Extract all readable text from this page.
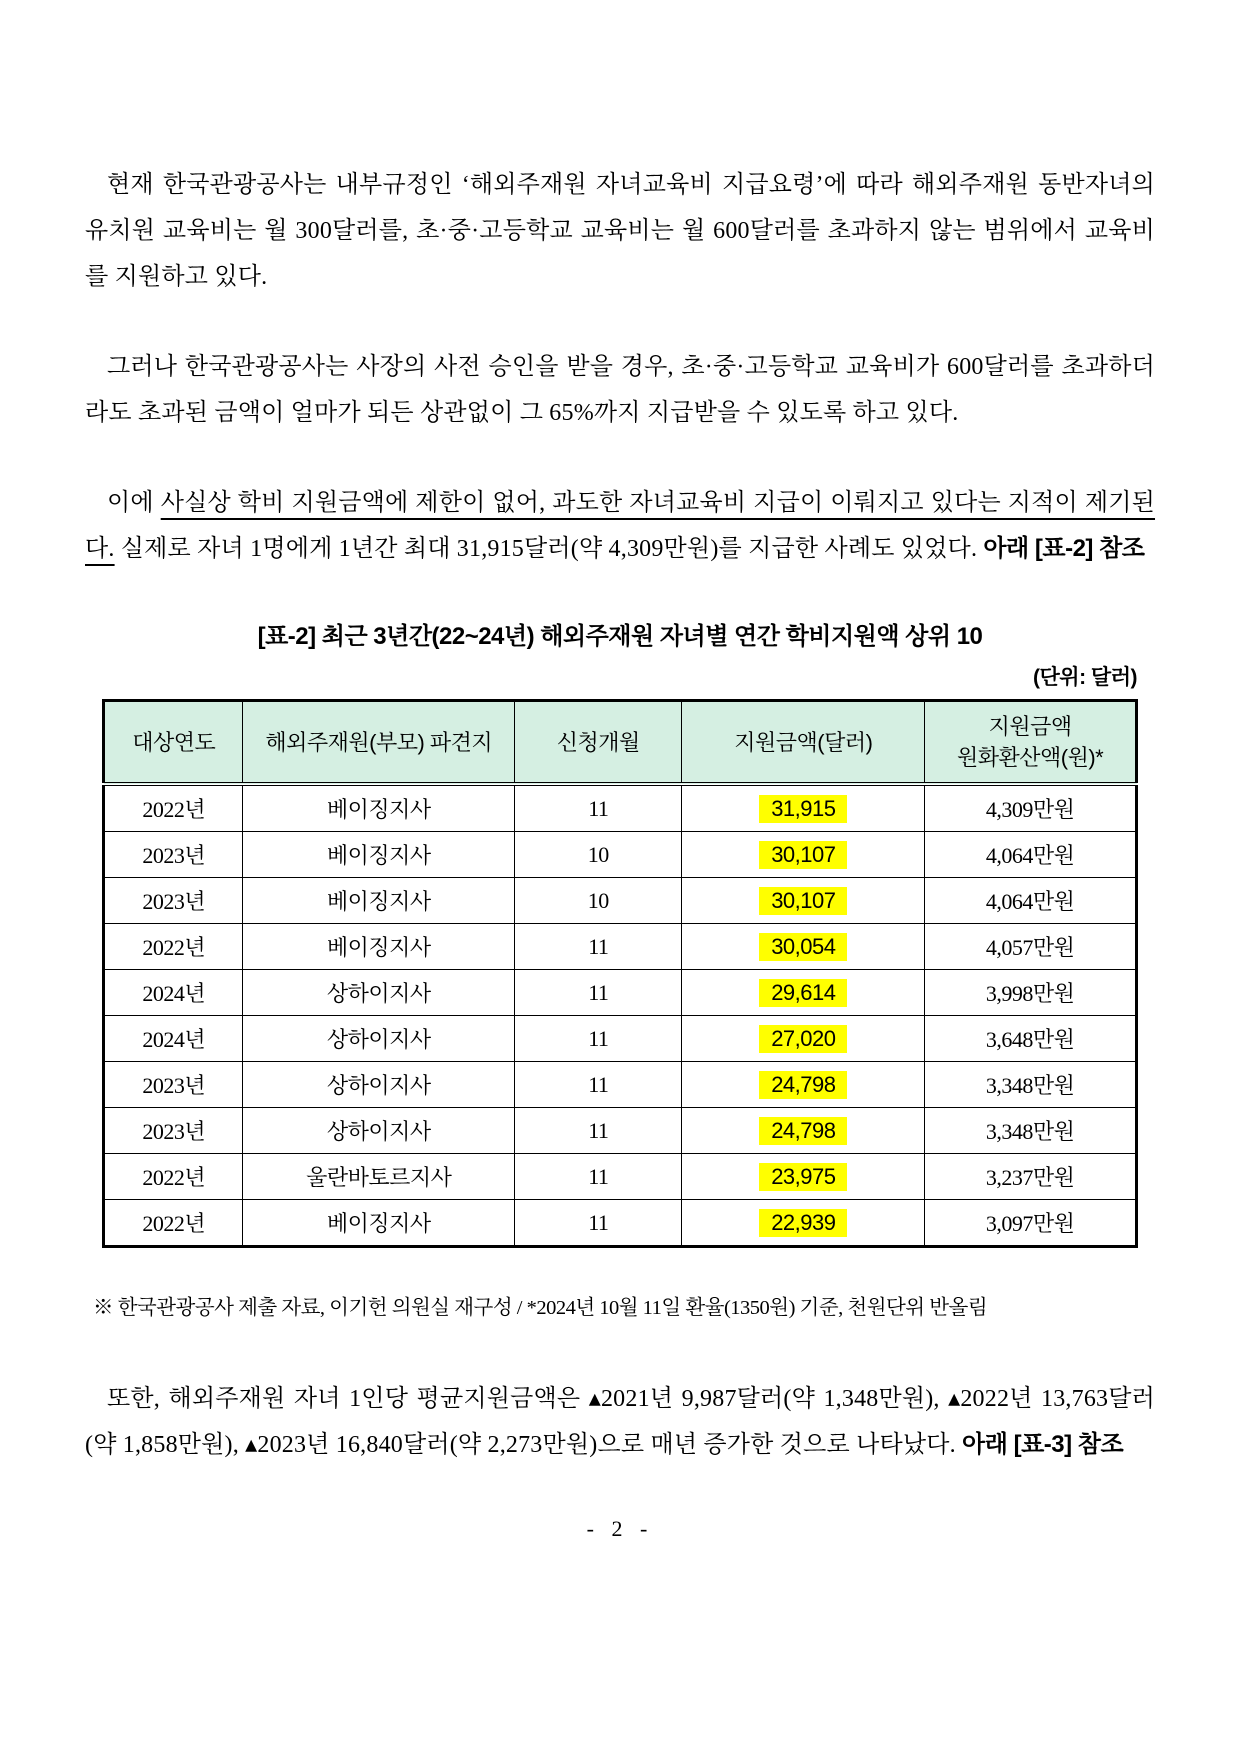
현재 한국관광공사는 내부규정인 ‘해외주재원 자녀교육비 지급요령’에 따라 해외주재원 동반자녀의 유치원 교육비는 월 300달러를, 초·중·고등학교 교육비는 월 600달러를 초과하지 않는 범위에서 교육비를 지원하고 있다.

그러나 한국관광공사는 사장의 사전 승인을 받을 경우, 초·중·고등학교 교육비가 600달러를 초과하더라도 초과된 금액이 얼마가 되든 상관없이 그 65%까지 지급받을 수 있도록 하고 있다.

이에 사실상 학비 지원금액에 제한이 없어, 과도한 자녀교육비 지급이 이뤄지고 있다는 지적이 제기된다. 실제로 자녀 1명에게 1년간 최대 31,915달러(약 4,309만원)를 지급한 사례도 있었다. 아래 [표-2] 참조

[표-2] 최근 3년간(22~24년) 해외주재원 자녀별 연간 학비지원액 상위 10
(단위: 달러)
대상연도	해외주재원(부모) 파견지	신청개월	지원금액(달러)	지원금액
원화환산액(원)*
2022년	베이징지사	11	31,915	4,309만원
2023년	베이징지사	10	30,107	4,064만원
2023년	베이징지사	10	30,107	4,064만원
2022년	베이징지사	11	30,054	4,057만원
2024년	상하이지사	11	29,614	3,998만원
2024년	상하이지사	11	27,020	3,648만원
2023년	상하이지사	11	24,798	3,348만원
2023년	상하이지사	11	24,798	3,348만원
2022년	울란바토르지사	11	23,975	3,237만원
2022년	베이징지사	11	22,939	3,097만원

※ 한국관광공사 제출 자료, 이기헌 의원실 재구성 / *2024년 10월 11일 환율(1350원) 기준, 천원단위 반올림

또한, 해외주재원 자녀 1인당 평균지원금액은 ▴2021년 9,987달러(약 1,348만원), ▴2022년 13,763달러(약 1,858만원), ▴2023년 16,840달러(약 2,273만원)으로 매년 증가한 것으로 나타났다. 아래 [표-3] 참조

- 2 -
